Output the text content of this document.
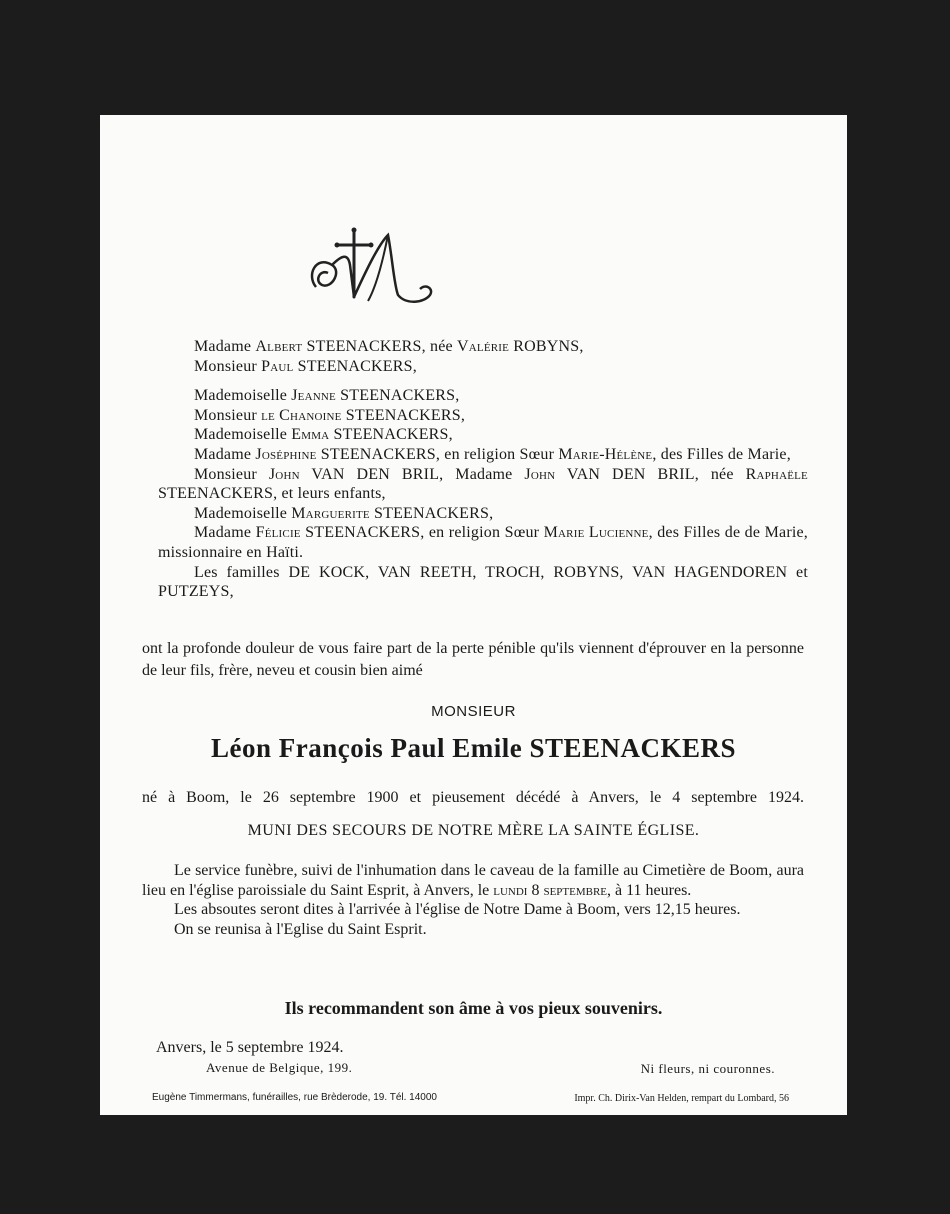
Madame Albert STEENACKERS, née Valérie ROBYNS,
Monsieur Paul STEENACKERS,
Mademoiselle Jeanne STEENACKERS,
Monsieur le Chanoine STEENACKERS,
Mademoiselle Emma STEENACKERS,
Madame Joséphine STEENACKERS, en religion Sœur Marie-Hélène, des Filles de Marie,
Monsieur John VAN DEN BRIL, Madame John VAN DEN BRIL, née Raphaële STEENACKERS, et leurs enfants,
Mademoiselle Marguerite STEENACKERS,
Madame Félicie STEENACKERS, en religion Sœur Marie Lucienne, des Filles de de Marie, missionnaire en Haïti.
Les familles DE KOCK, VAN REETH, TROCH, ROBYNS, VAN HAGENDOREN et PUTZEYS,
ont la profonde douleur de vous faire part de la perte pénible qu'ils viennent d'éprouver en la personne de leur fils, frère, neveu et cousin bien aimé
MONSIEUR
Léon François Paul Emile STEENACKERS
né à Boom, le 26 septembre 1900 et pieusement décédé à Anvers, le 4 septembre 1924.
MUNI DES SECOURS DE NOTRE MÈRE LA SAINTE ÉGLISE.

Le service funèbre, suivi de l'inhumation dans le caveau de la famille au Cimetière de Boom, aura lieu en l'église paroissiale du Saint Esprit, à Anvers, le lundi 8 septembre, à 11 heures.

Les absoutes seront dites à l'arrivée à l'église de Notre Dame à Boom, vers 12,15 heures.

On se reunisa à l'Eglise du Saint Esprit.

Ils recommandent son âme à vos pieux souvenirs.
Anvers, le 5 septembre 1924.
Avenue de Belgique, 199.	Ni fleurs, ni couronnes.
Eugène Timmermans, funérailles, rue Brèderode, 19. Tél. 14000	Impr. Ch. Dirix-Van Helden, rempart du Lombard, 56
